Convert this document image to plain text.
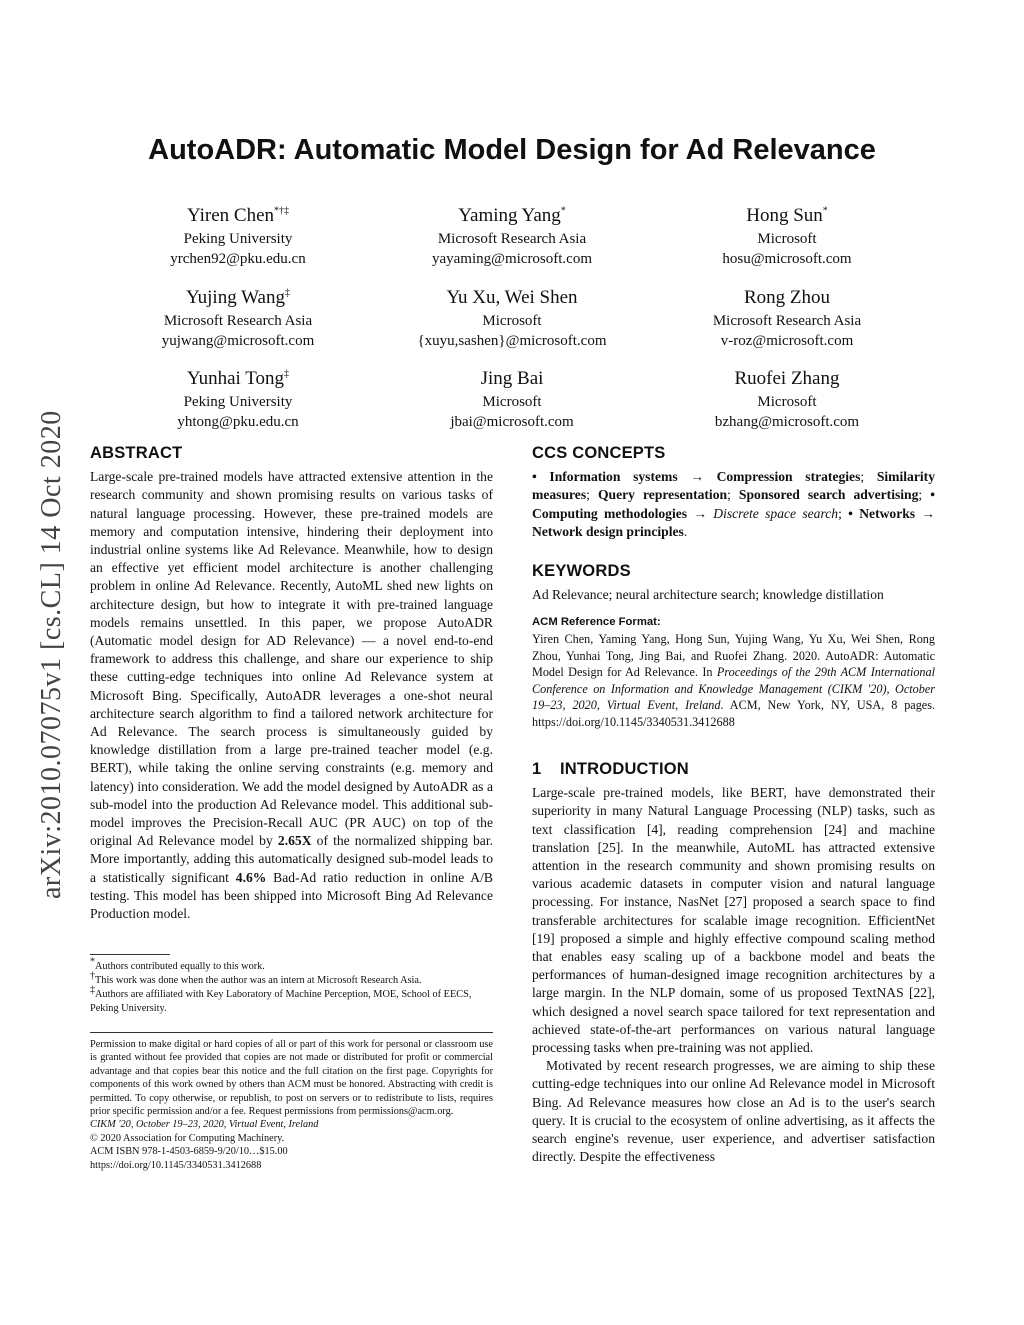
arXiv:2010.07075v1 [cs.CL] 14 Oct 2020
AutoADR: Automatic Model Design for Ad Relevance
Yiren Chen*†‡
Peking University
yrchen92@pku.edu.cn
Yaming Yang*
Microsoft Research Asia
yayaming@microsoft.com
Hong Sun*
Microsoft
hosu@microsoft.com
Yujing Wang‡
Microsoft Research Asia
yujwang@microsoft.com
Yu Xu, Wei Shen
Microsoft
{xuyu,sashen}@microsoft.com
Rong Zhou
Microsoft Research Asia
v-roz@microsoft.com
Yunhai Tong‡
Peking University
yhtong@pku.edu.cn
Jing Bai
Microsoft
jbai@microsoft.com
Ruofei Zhang
Microsoft
bzhang@microsoft.com
ABSTRACT

Large-scale pre-trained models have attracted extensive attention in the research community and shown promising results on various tasks of natural language processing. However, these pre-trained models are memory and computation intensive, hindering their deployment into industrial online systems like Ad Relevance. Meanwhile, how to design an effective yet efficient model architecture is another challenging problem in online Ad Relevance. Recently, AutoML shed new lights on architecture design, but how to integrate it with pre-trained language models remains unsettled. In this paper, we propose AutoADR (Automatic model design for AD Relevance) — a novel end-to-end framework to address this challenge, and share our experience to ship these cutting-edge techniques into online Ad Relevance system at Microsoft Bing. Specifically, AutoADR leverages a one-shot neural architecture search algorithm to find a tailored network architecture for Ad Relevance. The search process is simultaneously guided by knowledge distillation from a large pre-trained teacher model (e.g. BERT), while taking the online serving constraints (e.g. memory and latency) into consideration. We add the model designed by AutoADR as a sub-model into the production Ad Relevance model. This additional sub-model improves the Precision-Recall AUC (PR AUC) on top of the original Ad Relevance model by 2.65X of the normalized shipping bar. More importantly, adding this automatically designed sub-model leads to a statistically significant 4.6% Bad-Ad ratio reduction in online A/B testing. This model has been shipped into Microsoft Bing Ad Relevance Production model.

*Authors contributed equally to this work.
†This work was done when the author was an intern at Microsoft Research Asia.
‡Authors are affiliated with Key Laboratory of Machine Perception, MOE, School of EECS, Peking University.
Permission to make digital or hard copies of all or part of this work for personal or classroom use is granted without fee provided that copies are not made or distributed for profit or commercial advantage and that copies bear this notice and the full citation on the first page. Copyrights for components of this work owned by others than ACM must be honored. Abstracting with credit is permitted. To copy otherwise, or republish, to post on servers or to redistribute to lists, requires prior specific permission and/or a fee. Request permissions from permissions@acm.org.
CIKM '20, October 19–23, 2020, Virtual Event, Ireland
© 2020 Association for Computing Machinery.
ACM ISBN 978-1-4503-6859-9/20/10…$15.00
https://doi.org/10.1145/3340531.3412688
CCS CONCEPTS

• Information systems → Compression strategies; Similarity measures; Query representation; Sponsored search advertising; • Computing methodologies → Discrete space search; • Networks → Network design principles.

KEYWORDS

Ad Relevance; neural architecture search; knowledge distillation

ACM Reference Format:

Yiren Chen, Yaming Yang, Hong Sun, Yujing Wang, Yu Xu, Wei Shen, Rong Zhou, Yunhai Tong, Jing Bai, and Ruofei Zhang. 2020. AutoADR: Automatic Model Design for Ad Relevance. In Proceedings of the 29th ACM International Conference on Information and Knowledge Management (CIKM '20), October 19–23, 2020, Virtual Event, Ireland. ACM, New York, NY, USA, 8 pages. https://doi.org/10.1145/3340531.3412688

1 INTRODUCTION

Large-scale pre-trained models, like BERT, have demonstrated their superiority in many Natural Language Processing (NLP) tasks, such as text classification [4], reading comprehension [24] and machine translation [25]. In the meanwhile, AutoML has attracted extensive attention in the research community and shown promising results on various academic datasets in computer vision and natural language processing. For instance, NasNet [27] proposed a search space to find transferable architectures for scalable image recognition. EfficientNet [19] proposed a simple and highly effective compound scaling method that enables easy scaling up of a backbone model and beats the performances of human-designed image recognition architectures by a large margin. In the NLP domain, some of us proposed TextNAS [22], which designed a novel search space tailored for text representation and achieved state-of-the-art performances on various natural language processing tasks when pre-training was not applied.

Motivated by recent research progresses, we are aiming to ship these cutting-edge techniques into our online Ad Relevance model in Microsoft Bing. Ad Relevance measures how close an Ad is to the user's search query. It is crucial to the ecosystem of online advertising, as it affects the search engine's revenue, user experience, and advertiser satisfaction directly. Despite the effectiveness
